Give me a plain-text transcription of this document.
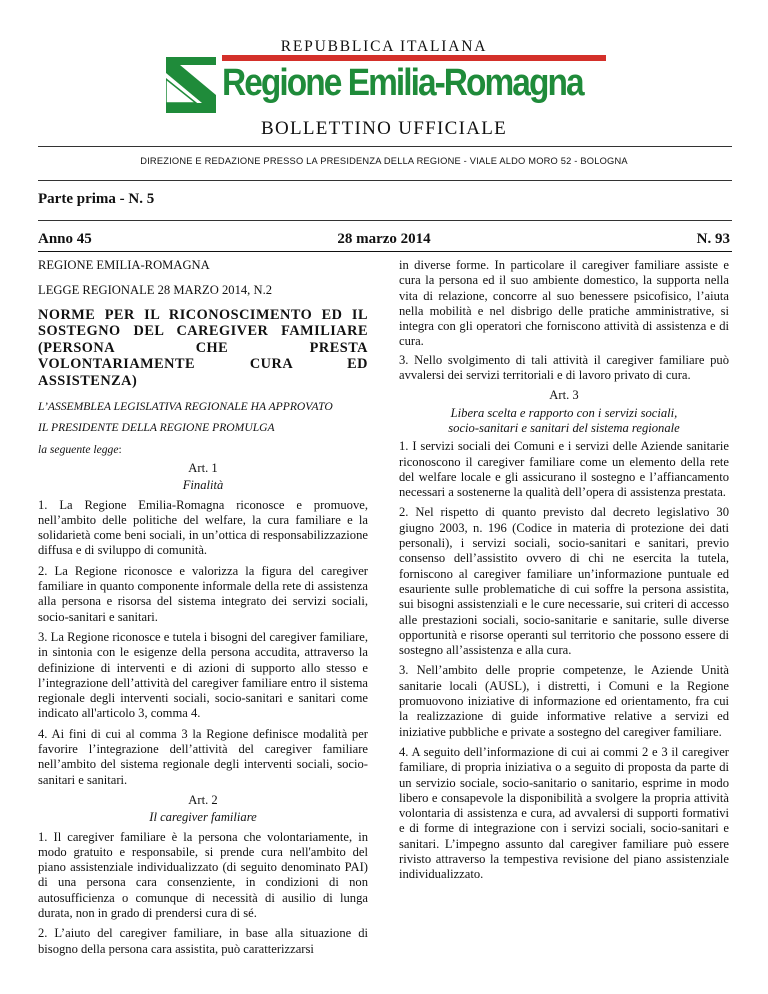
REPUBBLICA ITALIANA
Regione Emilia-Romagna
BOLLETTINO UFFICIALE
DIREZIONE E REDAZIONE PRESSO LA PRESIDENZA DELLA REGIONE - VIALE ALDO MORO 52 - BOLOGNA
Parte prima - N. 5
Anno 45	28 marzo 2014	N. 93

REGIONE EMILIA-ROMAGNA

LEGGE REGIONALE 28 MARZO 2014, N.2

NORME PER IL RICONOSCIMENTO ED IL SOSTEGNO DEL CAREGIVER FAMILIARE (PERSONA CHE PRESTA VOLONTARIAMENTE CURA ED ASSISTENZA)

L’ASSEMBLEA LEGISLATIVA REGIONALE HA APPROVATO

IL PRESIDENTE DELLA REGIONE PROMULGA

la seguente legge:

Art. 1

Finalità

1. La Regione Emilia-Romagna riconosce e promuove, nell’ambito delle politiche del welfare, la cura familiare e la solidarietà come beni sociali, in un’ottica di responsabilizzazione diffusa e di sviluppo di comunità.

2. La Regione riconosce e valorizza la figura del caregiver familiare in quanto componente informale della rete di assistenza alla persona e risorsa del sistema integrato dei servizi sociali, socio-sanitari e sanitari.

3. La Regione riconosce e tutela i bisogni del caregiver familiare, in sintonia con le esigenze della persona accudita, attraverso la definizione di interventi e di azioni di supporto allo stesso e l’integrazione dell’attività del caregiver familiare entro il sistema regionale degli interventi sociali, socio-sanitari e sanitari come indicato all'articolo 3, comma 4.

4. Ai fini di cui al comma 3 la Regione definisce modalità per favorire l’integrazione dell’attività del caregiver familiare nell’ambito del sistema regionale degli interventi sociali, socio-sanitari e sanitari.

Art. 2

Il caregiver familiare

1. Il caregiver familiare è la persona che volontariamente, in modo gratuito e responsabile, si prende cura nell'ambito del piano assistenziale individualizzato (di seguito denominato PAI) di una persona cara consenziente, in condizioni di non autosufficienza o comunque di necessità di ausilio di lunga durata, non in grado di prendersi cura di sé.

2. L’aiuto del caregiver familiare, in base alla situazione di bisogno della persona cara assistita, può caratterizzarsi

in diverse forme. In particolare il caregiver familiare assiste e cura la persona ed il suo ambiente domestico, la supporta nella vita di relazione, concorre al suo benessere psicofisico, l’aiuta nella mobilità e nel disbrigo delle pratiche amministrative, si integra con gli operatori che forniscono attività di assistenza e di cura.

3. Nello svolgimento di tali attività il caregiver familiare può avvalersi dei servizi territoriali e di lavoro privato di cura.

Art. 3

Libera scelta e rapporto con i servizi sociali,

socio-sanitari e sanitari del sistema regionale

1. I servizi sociali dei Comuni e i servizi delle Aziende sanitarie riconoscono il caregiver familiare come un elemento della rete del welfare locale e gli assicurano il sostegno e l’affiancamento necessari a sostenerne la qualità dell’opera di assistenza prestata.

2. Nel rispetto di quanto previsto dal decreto legislativo 30 giugno 2003, n. 196 (Codice in materia di protezione dei dati personali), i servizi sociali, socio-sanitari e sanitari, previo consenso dell’assistito ovvero di chi ne esercita la tutela, forniscono al caregiver familiare un’informazione puntuale ed esauriente sulle problematiche di cui soffre la persona assistita, sui bisogni assistenziali e le cure necessarie, sui criteri di accesso alle prestazioni sociali, socio-sanitarie e sanitarie, sulle diverse opportunità e risorse operanti sul territorio che possono essere di sostegno all’assistenza e alla cura.

3. Nell’ambito delle proprie competenze, le Aziende Unità sanitarie locali (AUSL), i distretti, i Comuni e la Regione promuovono iniziative di informazione ed orientamento, fra cui la realizzazione di guide informative relative a servizi ed iniziative pubbliche e private a sostegno del caregiver familiare.

4. A seguito dell’informazione di cui ai commi 2 e 3 il caregiver familiare, di propria iniziativa o a seguito di proposta da parte di un servizio sociale, socio-sanitario o sanitario, esprime in modo libero e consapevole la disponibilità a svolgere la propria attività volontaria di assistenza e cura, ad avvalersi di supporti formativi e di forme di integrazione con i servizi sociali, socio-sanitari e sanitari. L’impegno assunto dal caregiver familiare può essere rivisto attraverso la tempestiva revisione del piano assistenziale individualizzato.
